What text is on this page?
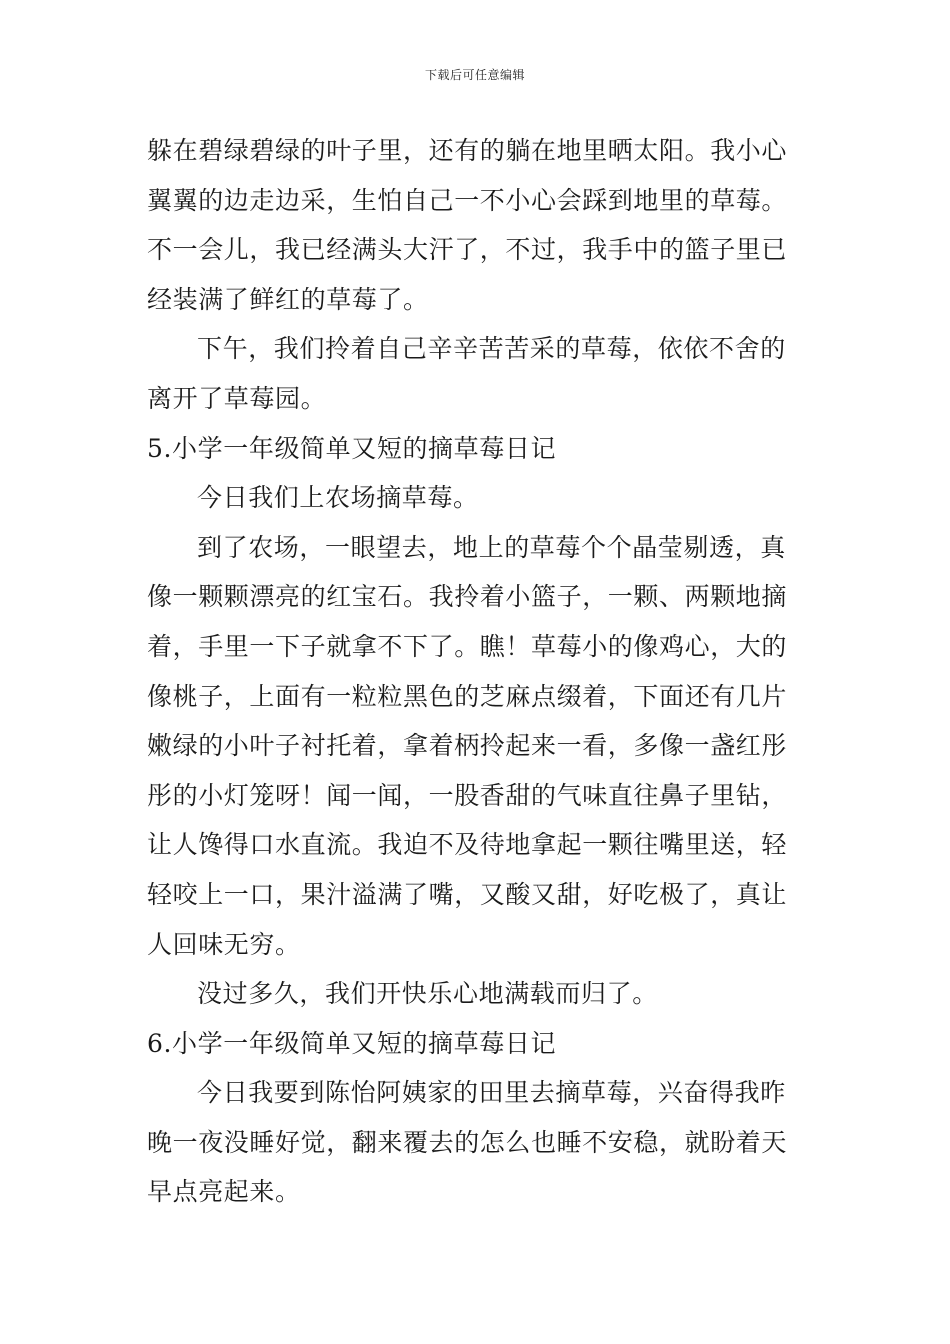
下载后可任意编辑
躲在碧绿碧绿的叶子里，还有的躺在地里晒太阳。我小心
翼翼的边走边采，生怕自己一不小心会踩到地里的草莓。
不一会儿，我已经满头大汗了，不过，我手中的篮子里已
经装满了鲜红的草莓了。
下午，我们拎着自己辛辛苦苦采的草莓，依依不舍的
离开了草莓园。
5.小学一年级简单又短的摘草莓日记
今日我们上农场摘草莓。
到了农场，一眼望去，地上的草莓个个晶莹剔透，真
像一颗颗漂亮的红宝石。我拎着小篮子，一颗、两颗地摘
着，手里一下子就拿不下了。瞧！草莓小的像鸡心，大的
像桃子，上面有一粒粒黑色的芝麻点缀着，下面还有几片
嫩绿的小叶子衬托着，拿着柄拎起来一看，多像一盏红彤
彤的小灯笼呀！闻一闻，一股香甜的气味直往鼻子里钻，
让人馋得口水直流。我迫不及待地拿起一颗往嘴里送，轻
轻咬上一口，果汁溢满了嘴，又酸又甜，好吃极了，真让
人回味无穷。
没过多久，我们开快乐心地满载而归了。
6.小学一年级简单又短的摘草莓日记
今日我要到陈怡阿姨家的田里去摘草莓，兴奋得我昨
晚一夜没睡好觉，翻来覆去的怎么也睡不安稳，就盼着天
早点亮起来。
